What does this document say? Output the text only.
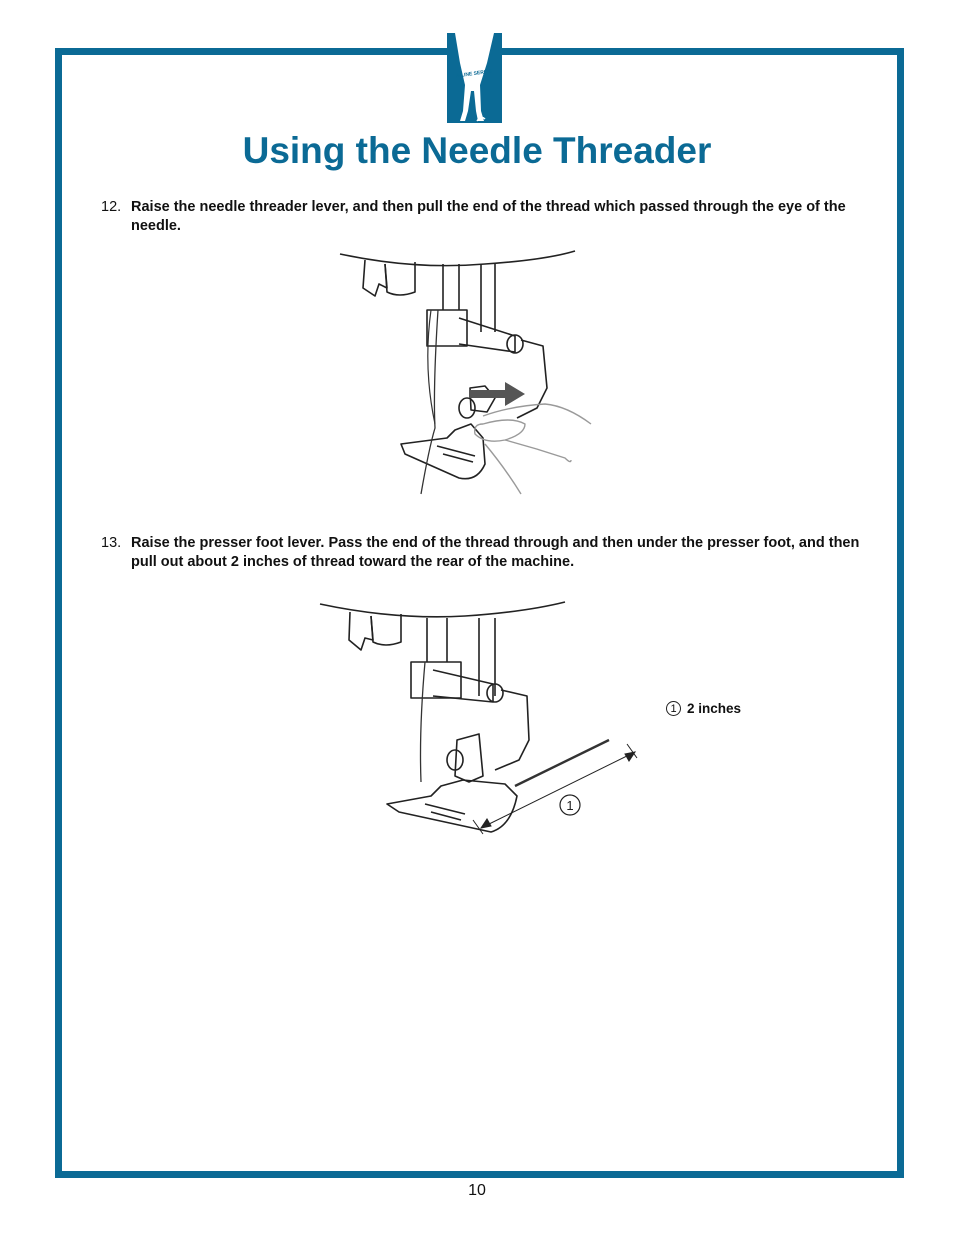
A-LINE SERIES
Using the Needle Threader
12. Raise the needle threader lever, and then pull the end of the thread which passed through the eye of the needle.
13. Raise the presser foot lever. Pass the end of the thread through and then under the presser foot, and then pull out about 2 inches of thread toward the rear of the machine.
1
1 2 inches
10
